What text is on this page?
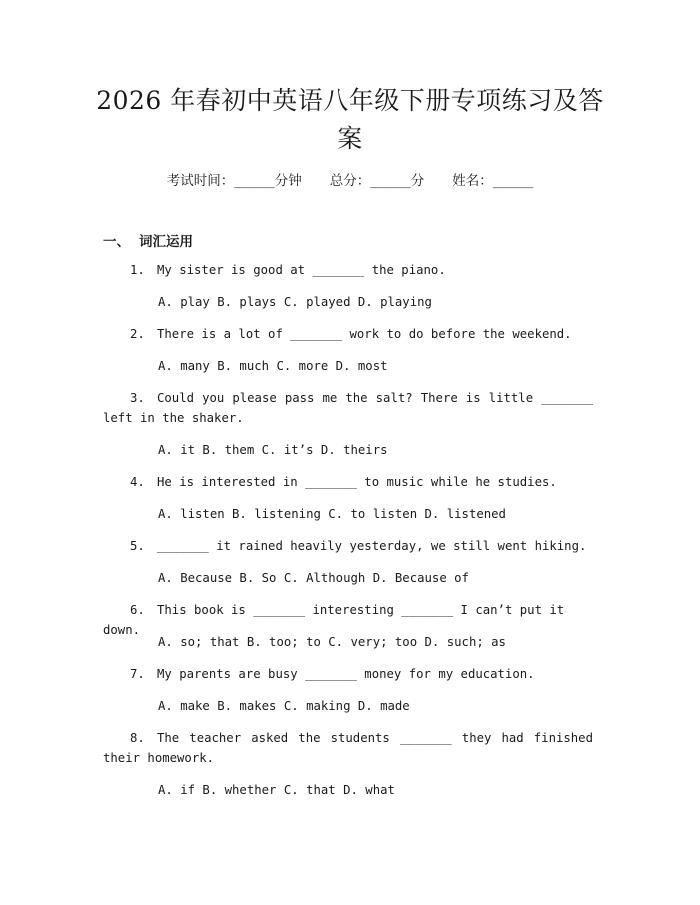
2026 年春初中英语八年级下册专项练习及答
案
考试时间：______分钟 总分：______分 姓名：______
一、 词汇运用
1. My sister is good at _______ the piano.
A. play B. plays C. played D. playing
2. There is a lot of _______ work to do before the weekend.
A. many B. much C. more D. most
3. Could you please pass me the salt? There is little _______ left in the shaker.
A. it B. them C. it’s D. theirs
4. He is interested in _______ to music while he studies.
A. listen B. listening C. to listen D. listened
5. _______ it rained heavily yesterday, we still went hiking.
A. Because B. So C. Although D. Because of
6. This book is _______ interesting _______ I can’t put it down.
A. so; that B. too; to C. very; too D. such; as
7. My parents are busy _______ money for my education.
A. make B. makes C. making D. made
8. The teacher asked the students _______ they had finished their homework.
A. if B. whether C. that D. what
